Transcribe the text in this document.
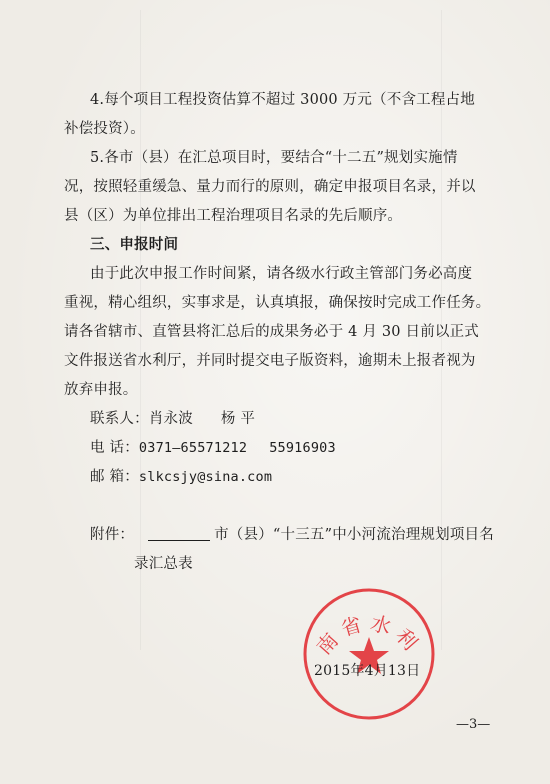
4.每个项目工程投资估算不超过 3000 万元（不含工程占地
补偿投资）。
5.各市（县）在汇总项目时，要结合“十二五”规划实施情
况，按照轻重缓急、量力而行的原则，确定申报项目名录，并以
县（区）为单位排出工程治理项目名录的先后顺序。
三、申报时间
由于此次申报工作时间紧，请各级水行政主管部门务必高度
重视，精心组织，实事求是，认真填报，确保按时完成工作任务。
请各省辖市、直管县将汇总后的成果务必于 4 月 30 日前以正式
文件报送省水利厅，并同时提交电子版资料，逾期未上报者视为
放弃申报。
联系人：肖永波 杨 平
电 话：0371—65571212 55916903
邮 箱：slkcsjy@sina.com
附件：	市（县）“十三五”中小河流治理规划项目名
录汇总表
南省水利
2015年4月13日
—3—
